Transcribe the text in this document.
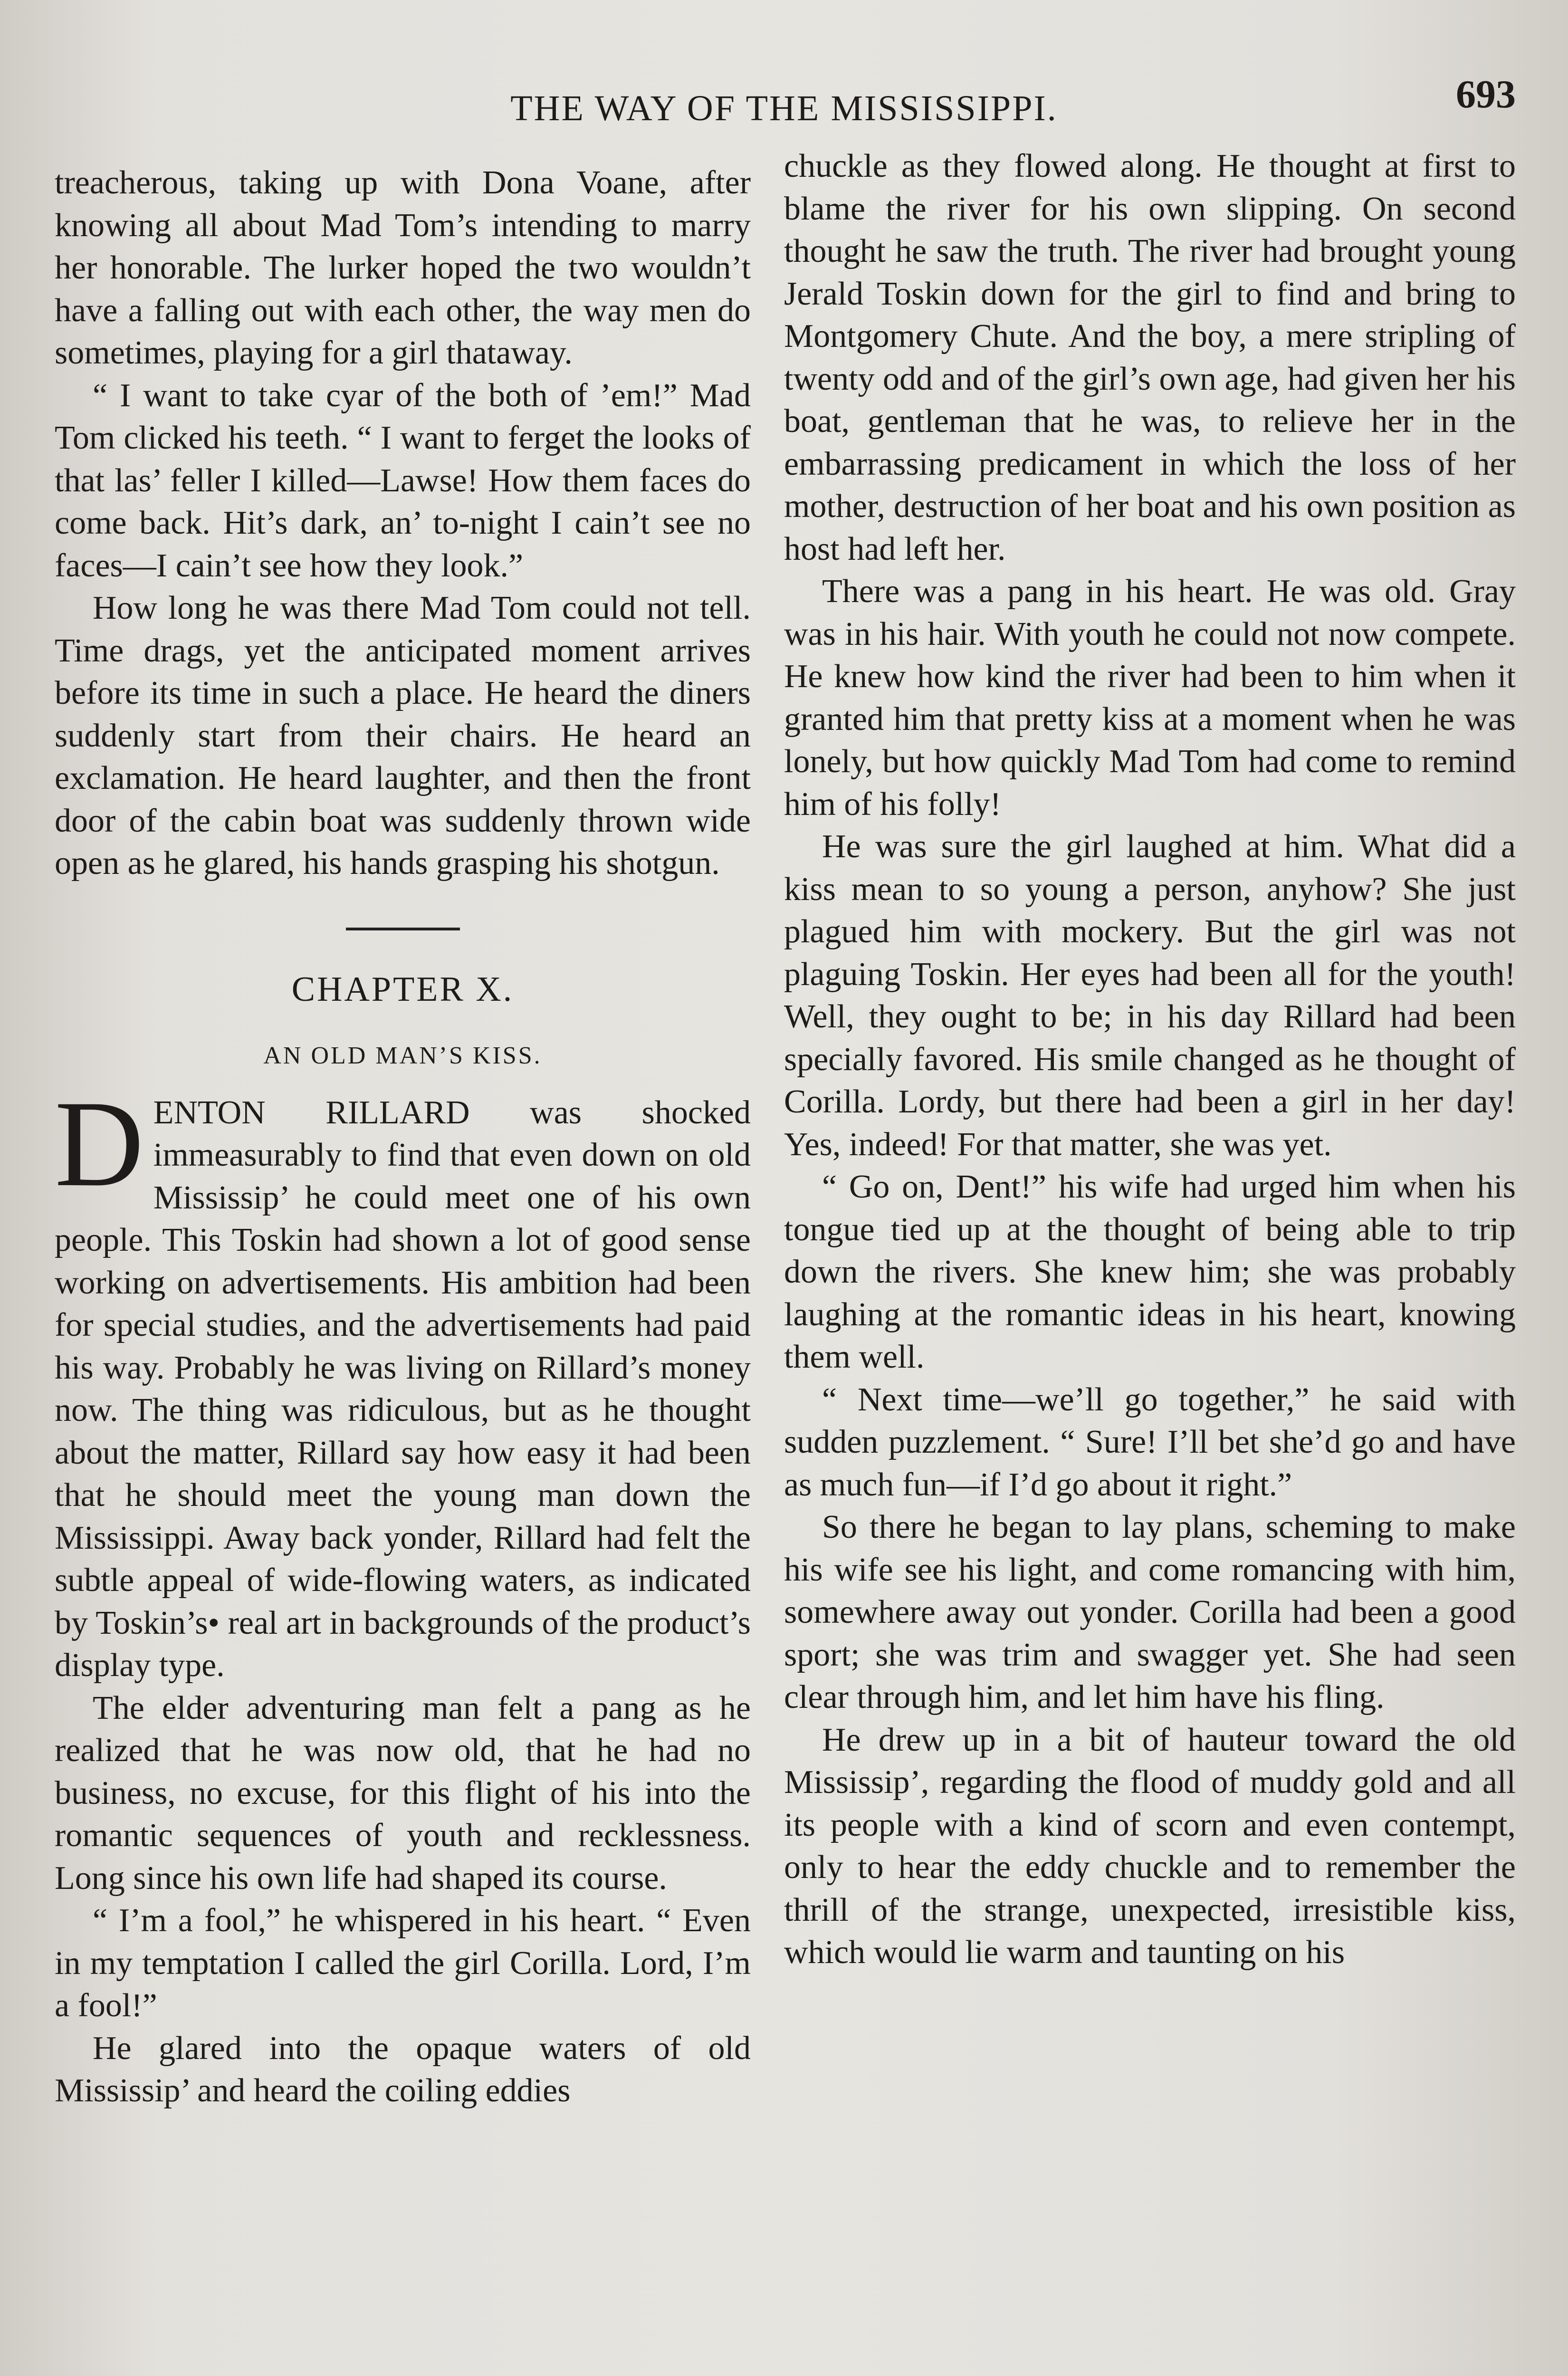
THE WAY OF THE MISSISSIPPI.	693

treacherous, taking up with Dona Voane, after knowing all about Mad Tom’s intending to marry her honorable. The lurker hoped the two wouldn’t have a falling out with each other, the way men do sometimes, playing for a girl thataway.

“ I want to take cyar of the both of ’em!” Mad Tom clicked his teeth. “ I want to ferget the looks of that las’ feller I killed—Lawse! How them faces do come back. Hit’s dark, an’ to-night I cain’t see no faces—I cain’t see how they look.”

How long he was there Mad Tom could not tell. Time drags, yet the anticipated moment arrives before its time in such a place. He heard the diners suddenly start from their chairs. He heard an exclamation. He heard laughter, and then the front door of the cabin boat was suddenly thrown wide open as he glared, his hands grasping his shotgun.

CHAPTER X.
AN OLD MAN’S KISS.

DENTON RILLARD was shocked immeasurably to find that even down on old Mississip’ he could meet one of his own people. This Toskin had shown a lot of good sense working on advertisements. His ambition had been for special studies, and the advertisements had paid his way. Probably he was living on Rillard’s money now. The thing was ridiculous, but as he thought about the matter, Rillard say how easy it had been that he should meet the young man down the Mississippi. Away back yonder, Rillard had felt the subtle appeal of wide-flowing waters, as indicated by Toskin’s• real art in backgrounds of the product’s display type.

The elder adventuring man felt a pang as he realized that he was now old, that he had no business, no excuse, for this flight of his into the romantic sequences of youth and recklessness. Long since his own life had shaped its course.

“ I’m a fool,” he whispered in his heart. “ Even in my temptation I called the girl Corilla. Lord, I’m a fool!”

He glared into the opaque waters of old Mississip’ and heard the coiling eddies

chuckle as they flowed along. He thought at first to blame the river for his own slipping. On second thought he saw the truth. The river had brought young Jerald Toskin down for the girl to find and bring to Montgomery Chute. And the boy, a mere stripling of twenty odd and of the girl’s own age, had given her his boat, gentleman that he was, to relieve her in the embarrassing predicament in which the loss of her mother, destruction of her boat and his own position as host had left her.

There was a pang in his heart. He was old. Gray was in his hair. With youth he could not now compete. He knew how kind the river had been to him when it granted him that pretty kiss at a moment when he was lonely, but how quickly Mad Tom had come to remind him of his folly!

He was sure the girl laughed at him. What did a kiss mean to so young a person, anyhow? She just plagued him with mockery. But the girl was not plaguing Toskin. Her eyes had been all for the youth! Well, they ought to be; in his day Rillard had been specially favored. His smile changed as he thought of Corilla. Lordy, but there had been a girl in her day! Yes, indeed! For that matter, she was yet.

“ Go on, Dent!” his wife had urged him when his tongue tied up at the thought of being able to trip down the rivers. She knew him; she was probably laughing at the romantic ideas in his heart, knowing them well.

“ Next time—we’ll go together,” he said with sudden puzzlement. “ Sure! I’ll bet she’d go and have as much fun—if I’d go about it right.”

So there he began to lay plans, scheming to make his wife see his light, and come romancing with him, somewhere away out yonder. Corilla had been a good sport; she was trim and swagger yet. She had seen clear through him, and let him have his fling.

He drew up in a bit of hauteur toward the old Mississip’, regarding the flood of muddy gold and all its people with a kind of scorn and even contempt, only to hear the eddy chuckle and to remember the thrill of the strange, unexpected, irresistible kiss, which would lie warm and taunting on his
